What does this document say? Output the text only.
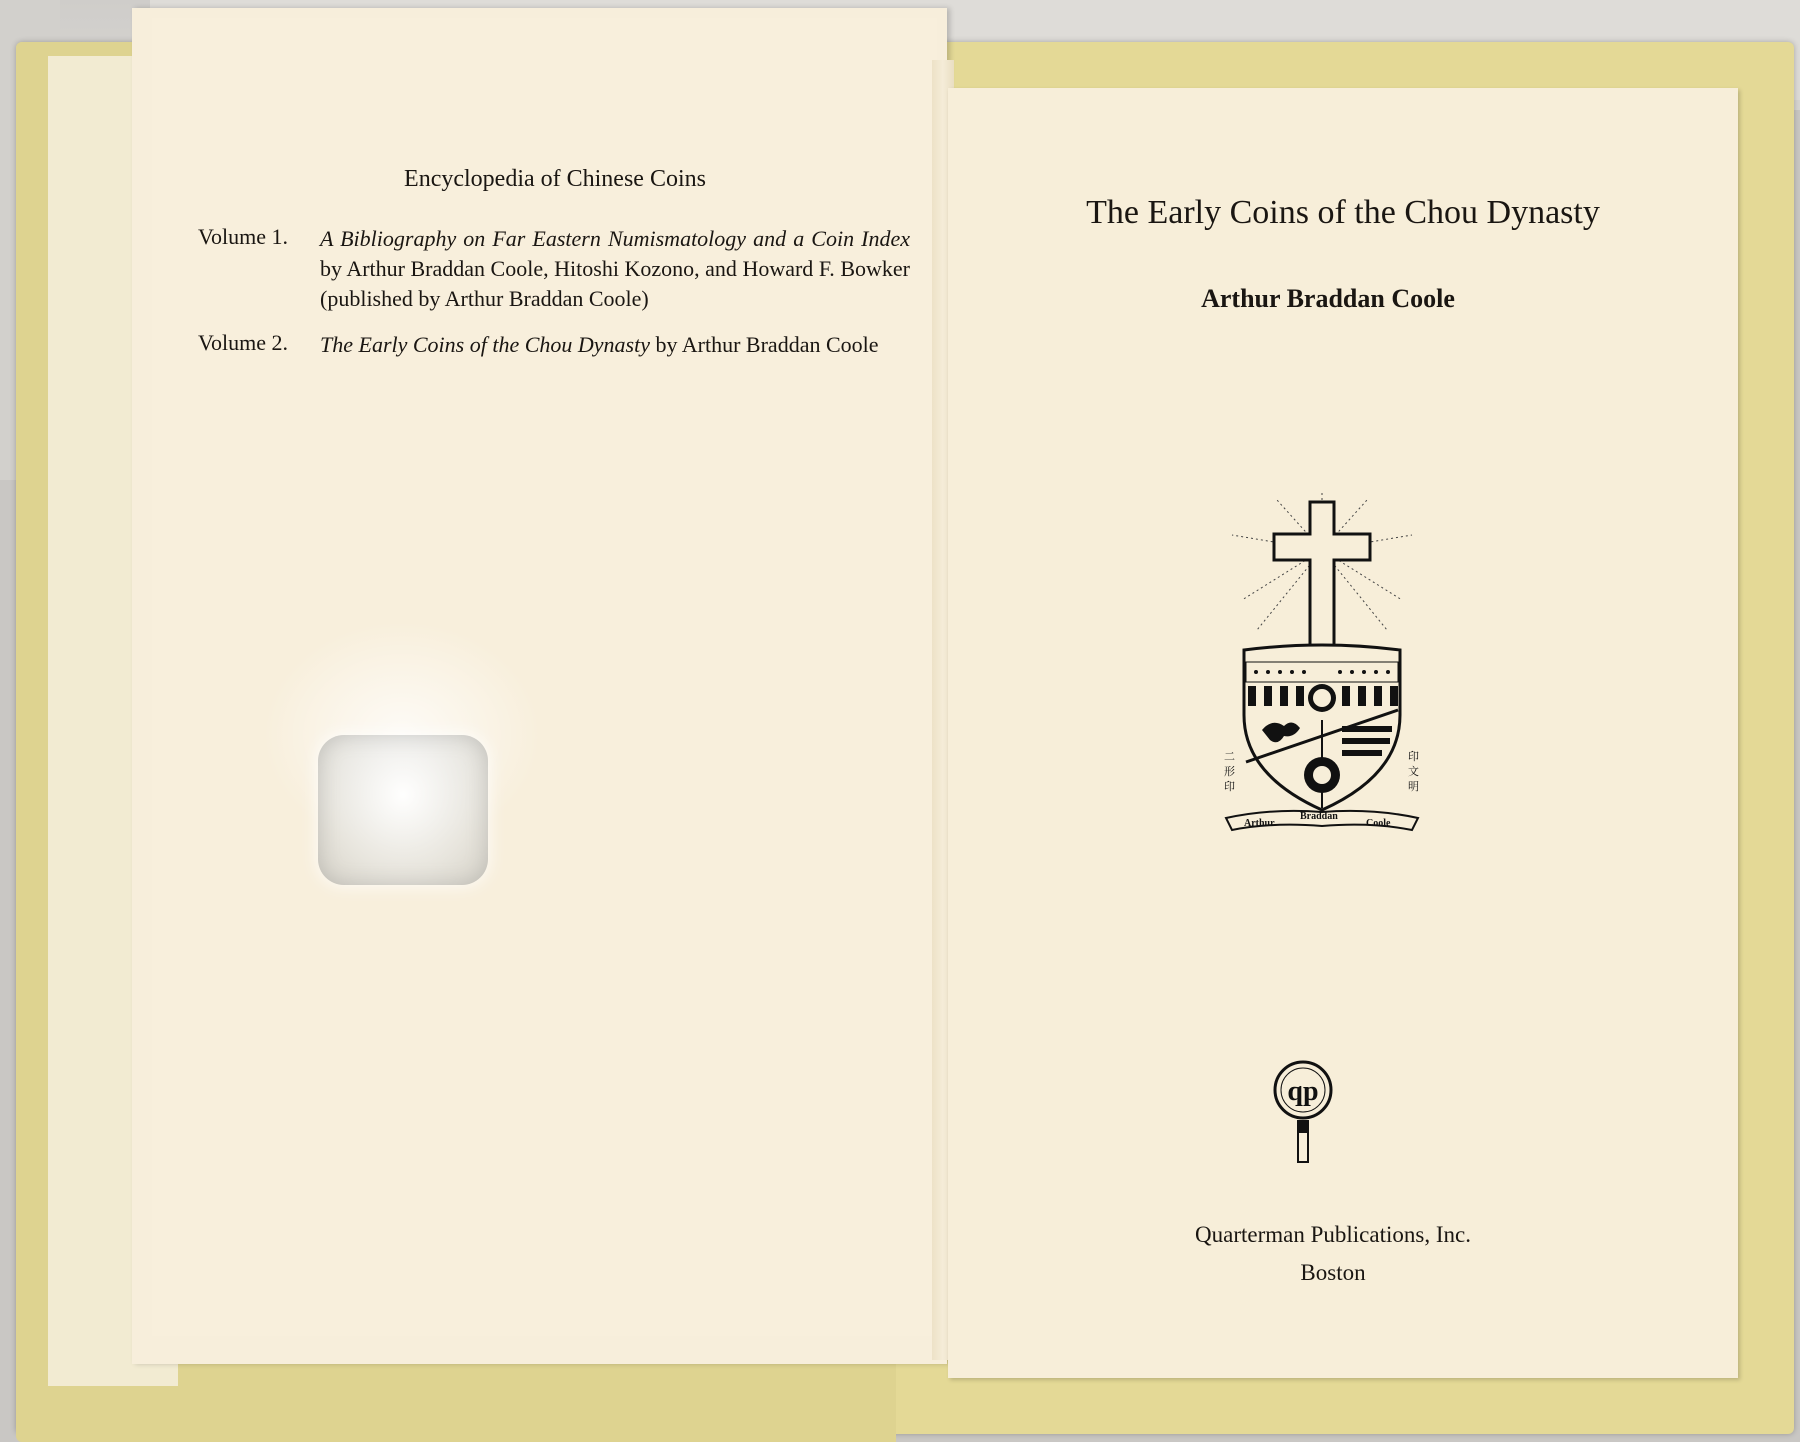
Encyclopedia of Chinese Coins
Volume 1. A Bibliography on Far Eastern Numismatology and a Coin Index by Arthur Braddan Coole, Hitoshi Kozono, and Howard F. Bowker (published by Arthur Braddan Coole)
Volume 2. The Early Coins of the Chou Dynasty by Arthur Braddan Coole
The Early Coins of the Chou Dynasty
Arthur Braddan Coole
二
形
印
印
文
明
Arthur
Braddan
Coole
qp
Quarterman Publications, Inc.
Boston
